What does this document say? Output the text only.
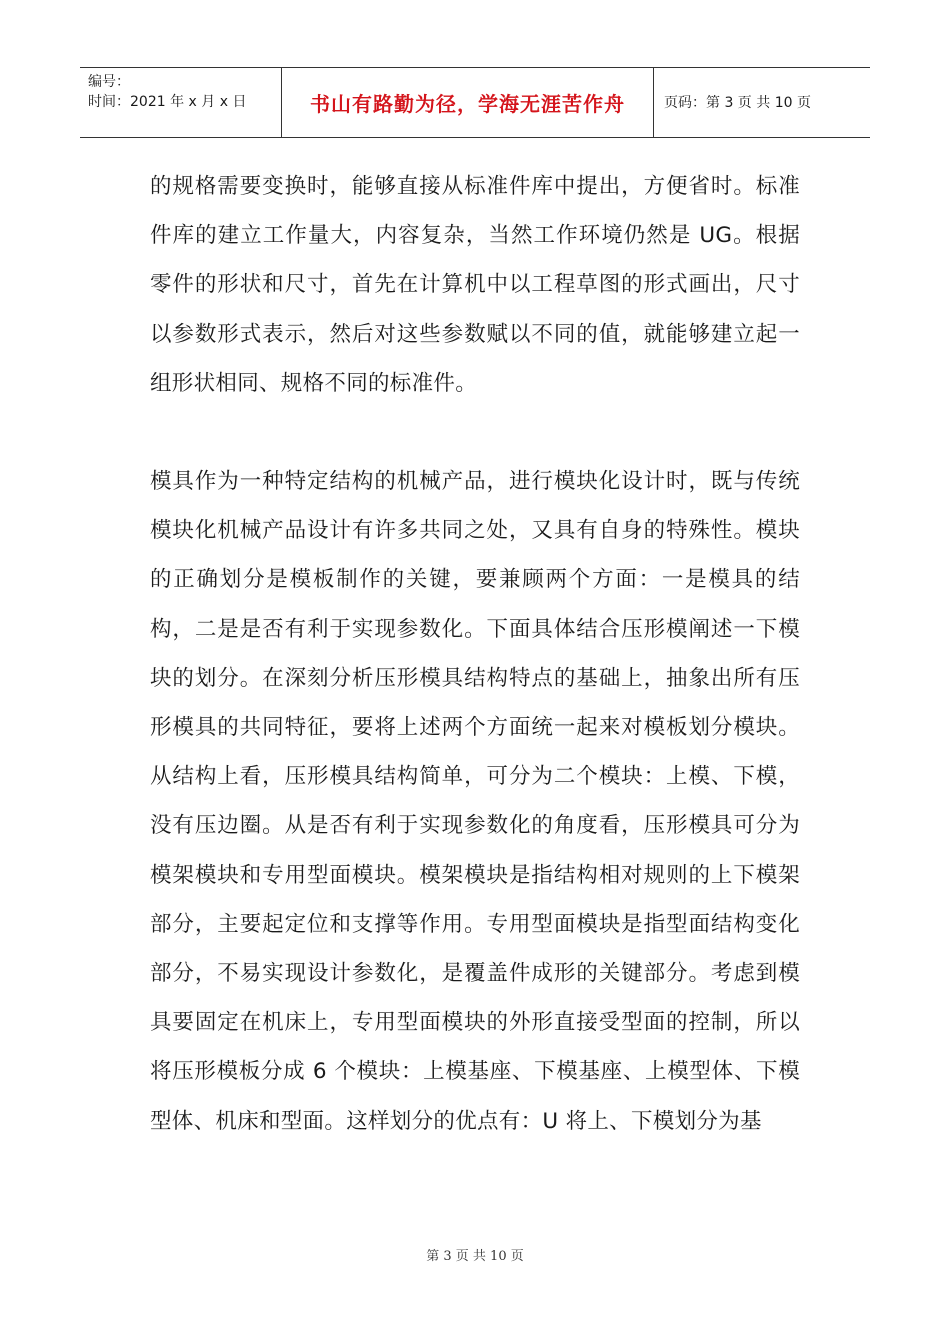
编号：
时间：2021 年 x 月 x 日	书山有路勤为径，学海无涯苦作舟	页码：第 3 页 共 10 页

的规格需要变换时，能够直接从标准件库中提出，方便省时。标准件库的建立工作量大，内容复杂，当然工作环境仍然是 UG。根据零件的形状和尺寸，首先在计算机中以工程草图的形式画出，尺寸以参数形式表示，然后对这些参数赋以不同的值，就能够建立起一组形状相同、规格不同的标准件。

模具作为一种特定结构的机械产品，进行模块化设计时，既与传统模块化机械产品设计有许多共同之处，又具有自身的特殊性。模块的正确划分是模板制作的关键，要兼顾两个方面：一是模具的结构，二是是否有利于实现参数化。下面具体结合压形模阐述一下模块的划分。在深刻分析压形模具结构特点的基础上，抽象出所有压形模具的共同特征，要将上述两个方面统一起来对模板划分模块。从结构上看，压形模具结构简单，可分为二个模块：上模、下模，没有压边圈。从是否有利于实现参数化的角度看，压形模具可分为模架模块和专用型面模块。模架模块是指结构相对规则的上下模架部分，主要起定位和支撑等作用。专用型面模块是指型面结构变化部分，不易实现设计参数化，是覆盖件成形的关键部分。考虑到模具要固定在机床上，专用型面模块的外形直接受型面的控制，所以将压形模板分成 6 个模块：上模基座、下模基座、上模型体、下模型体、机床和型面。这样划分的优点有：U 将上、下模划分为基

第 3 页 共 10 页
